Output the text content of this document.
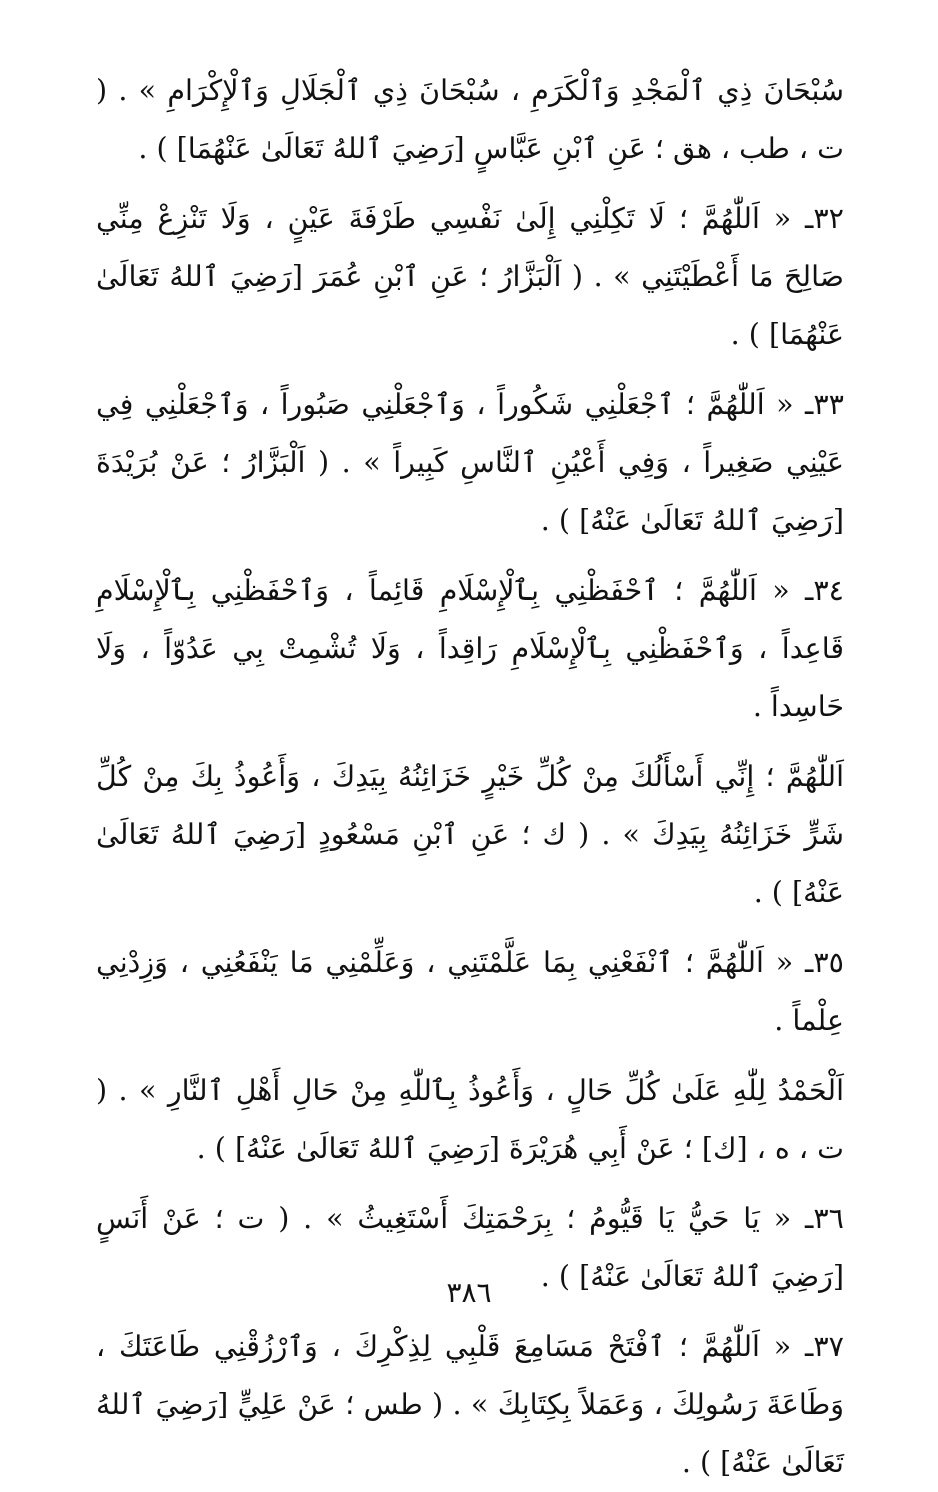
سُبْحَانَ ذِي ٱلْمَجْدِ وَٱلْكَرَمِ ، سُبْحَانَ ذِي ٱلْجَلَالِ وَٱلْإِكْرَامِ » . ( ت ، طب ، هق ؛ عَنِ ٱبْنِ عَبَّاسٍ [رَضِيَ ٱللهُ تَعَالَىٰ عَنْهُمَا] ) .

٣٢ـ « اَللّٰهُمَّ ؛ لَا تَكِلْنِي إِلَىٰ نَفْسِي طَرْفَةَ عَيْنٍ ، وَلَا تَنْزِعْ مِنِّي صَالِحَ مَا أَعْطَيْتَنِي » . ( اَلْبَزَّارُ ؛ عَنِ ٱبْنِ عُمَرَ [رَضِيَ ٱللهُ تَعَالَىٰ عَنْهُمَا] ) .

٣٣ـ « اَللّٰهُمَّ ؛ ٱجْعَلْنِي شَكُوراً ، وَٱجْعَلْنِي صَبُوراً ، وَٱجْعَلْنِي فِي عَيْنِي صَغِيراً ، وَفِي أَعْيُنِ ٱلنَّاسِ كَبِيراً » . ( اَلْبَزَّارُ ؛ عَنْ بُرَيْدَةَ [رَضِيَ ٱللهُ تَعَالَىٰ عَنْهُ] ) .

٣٤ـ « اَللّٰهُمَّ ؛ ٱحْفَظْنِي بِٱلْإِسْلَامِ قَائِماً ، وَٱحْفَظْنِي بِٱلْإِسْلَامِ قَاعِداً ، وَٱحْفَظْنِي بِٱلْإِسْلَامِ رَاقِداً ، وَلَا تُشْمِتْ بِي عَدُوّاً ، وَلَا حَاسِداً .

اَللّٰهُمَّ ؛ إِنِّي أَسْأَلُكَ مِنْ كُلِّ خَيْرٍ خَزَائِنُهُ بِيَدِكَ ، وَأَعُوذُ بِكَ مِنْ كُلِّ شَرٍّ خَزَائِنُهُ بِيَدِكَ » . ( ك ؛ عَنِ ٱبْنِ مَسْعُودٍ [رَضِيَ ٱللهُ تَعَالَىٰ عَنْهُ] ) .

٣٥ـ « اَللّٰهُمَّ ؛ ٱنْفَعْنِي بِمَا عَلَّمْتَنِي ، وَعَلِّمْنِي مَا يَنْفَعُنِي ، وَزِدْنِي عِلْماً .

اَلْحَمْدُ لِلّٰهِ عَلَىٰ كُلِّ حَالٍ ، وَأَعُوذُ بِٱللّٰهِ مِنْ حَالِ أَهْلِ ٱلنَّارِ » . ( ت ، ه ، [ك] ؛ عَنْ أَبِي هُرَيْرَةَ [رَضِيَ ٱللهُ تَعَالَىٰ عَنْهُ] ) .

٣٦ـ « يَا حَيُّ يَا قَيُّومُ ؛ بِرَحْمَتِكَ أَسْتَغِيثُ » . ( ت ؛ عَنْ أَنَسٍ [رَضِيَ ٱللهُ تَعَالَىٰ عَنْهُ] ) .

٣٧ـ « اَللّٰهُمَّ ؛ ٱفْتَحْ مَسَامِعَ قَلْبِي لِذِكْرِكَ ، وَٱرْزُقْنِي طَاعَتَكَ ، وَطَاعَةَ رَسُولِكَ ، وَعَمَلاً بِكِتَابِكَ » . ( طس ؛ عَنْ عَلِيٍّ [رَضِيَ ٱللهُ تَعَالَىٰ عَنْهُ] ) .

٣٨٦
